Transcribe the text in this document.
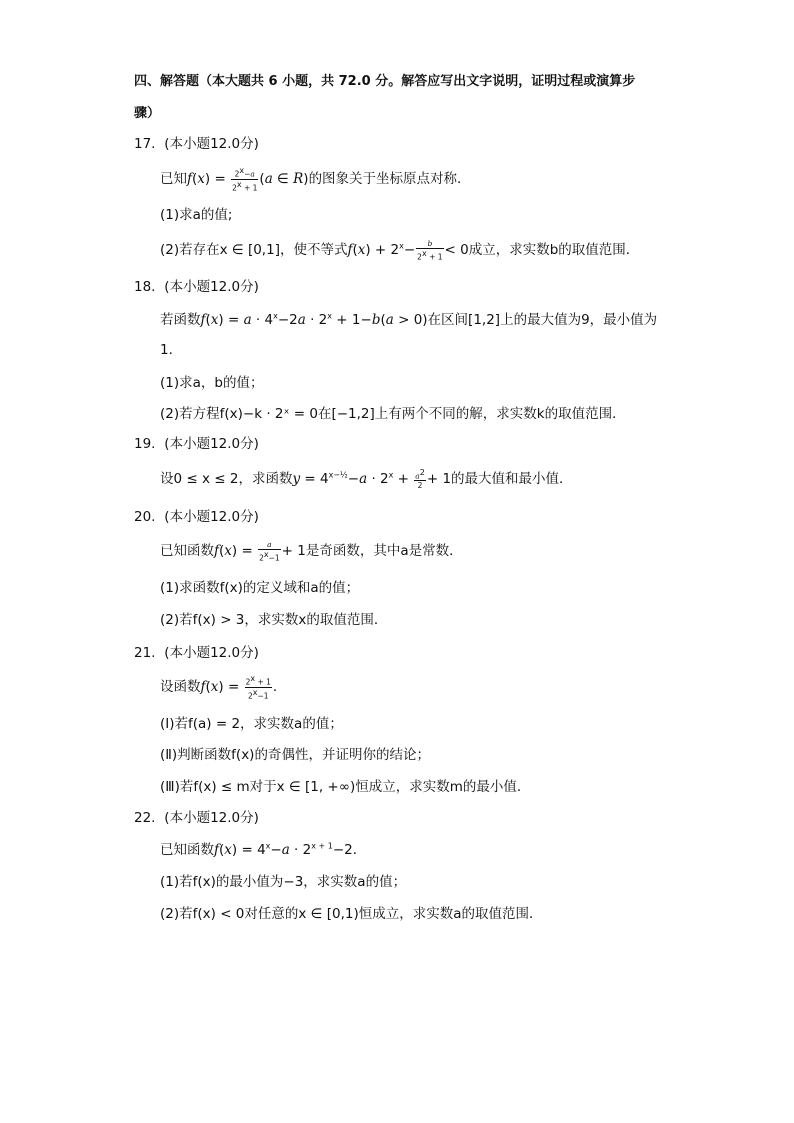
四、解答题（本大题共 6 小题，共 72.0 分。解答应写出文字说明，证明过程或演算步
骤）
17. (本小题12.0分)
已知$f(x) = \frac{2^x-a}{2^x + 1} (a$ ∈ R)的图象关于坐标原点对称．
(1)求a的值;
(2)若存在x ∈ [0,1]，使不等式$f(x) + 2^x- \frac{b}{2^x + 1} < 0$成立，求实数b的取值范围．
18. (本小题12.0分)
若函数$f(x) = a \cdot 4^x-2a \cdot 2^x + 1-b(a > 0)$在区间[1,2]上的最大值为9，最小值为
1．
(1)求a，b的值；
(2)若方程f(x)−k · 2ˣ = 0在[−1,2]上有两个不同的解，求实数k的取值范围．
19. (本小题12.0分)
设0 ≤ x ≤ 2，求函数$y = 4^{x-\frac{1}{2}}-a \cdot 2^x + \frac{a^2}{2} + 1$的最大值和最小值．
20. (本小题12.0分)
已知函数$f(x) = \frac{a}{2^x-1} + 1$是奇函数，其中a是常数．
(1)求函数f(x)的定义域和a的值；
(2)若f(x) > 3，求实数x的取值范围．
21. (本小题12.0分)
设函数$f(x) = \frac{2^x + 1}{2^x-1}$ .
(Ⅰ)若f(a) = 2，求实数a的值；
(Ⅱ)判断函数f(x)的奇偶性，并证明你的结论；
(Ⅲ)若f(x) ≤ m对于x ∈ [1, +∞)恒成立，求实数m的最小值．
22. (本小题12.0分)
已知函数$f(x) = 4^x-a \cdot 2^{x + 1}-2$．
(1)若f(x)的最小值为−3，求实数a的值；
(2)若f(x) < 0对任意的x ∈ [0,1)恒成立，求实数a的取值范围．
